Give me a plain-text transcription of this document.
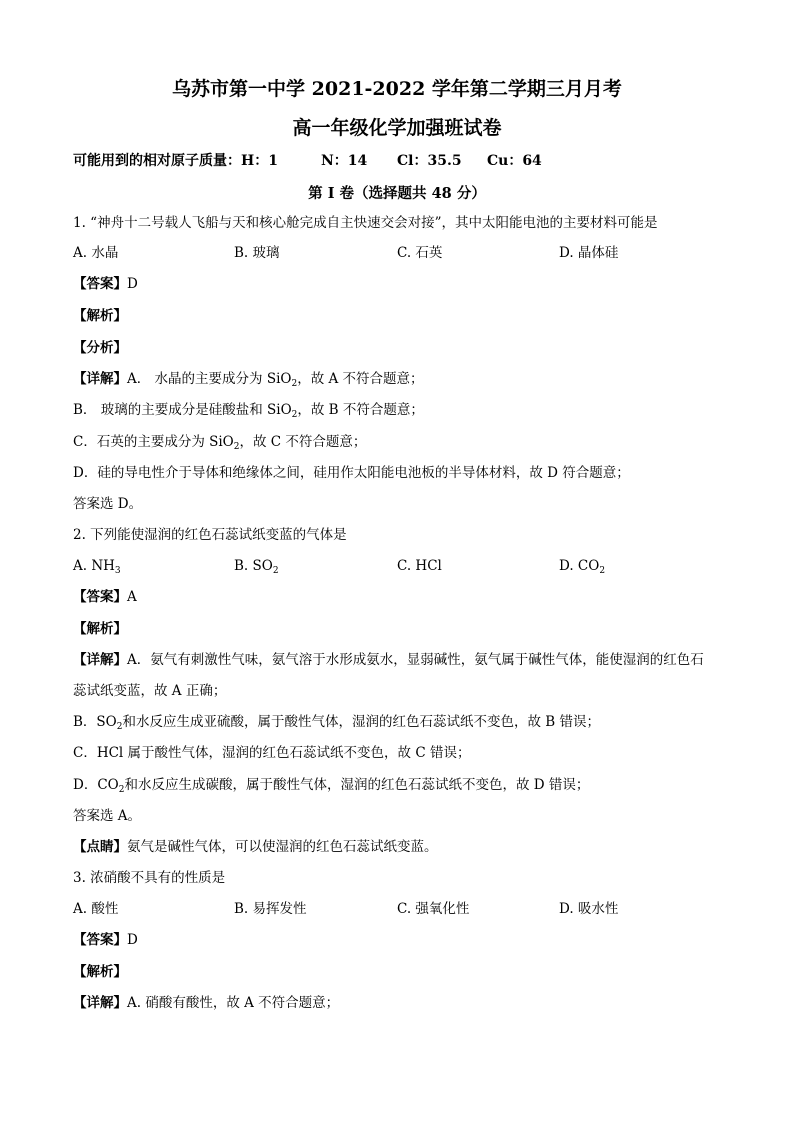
乌苏市第一中学 2021-2022 学年第二学期三月月考
高一年级化学加强班试卷
可能用到的相对原子质量：H：1	N：14 Cl：35.5 Cu：64
第 I 卷（选择题共 48 分）
1. “神舟十二号载人飞船与天和核心舱完成自主快速交会对接”，其中太阳能电池的主要材料可能是
A. 水晶	B. 玻璃	C. 石英	D. 晶体硅
【答案】D
【解析】
【分析】
【详解】A． 水晶的主要成分为 SiO$_2$，故 A 不符合题意；
B． 玻璃的主要成分是硅酸盐和 SiO$_2$，故 B 不符合题意；
C．石英的主要成分为 SiO$_2$，故 C 不符合题意；
D．硅的导电性介于导体和绝缘体之间，硅用作太阳能电池板的半导体材料，故 D 符合题意；
答案选 D。
2. 下列能使湿润的红色石蕊试纸变蓝的气体是
A. $NH_3$	B. $SO_2$	C. HCl	D. $CO_2$
【答案】A
【解析】
【详解】A．氨气有刺激性气味，氨气溶于水形成氨水，显弱碱性，氨气属于碱性气体，能使湿润的红色石
蕊试纸变蓝，故 A 正确；
B．$SO_2$和水反应生成亚硫酸，属于酸性气体，湿润的红色石蕊试纸不变色，故 B 错误；
C．HCl 属于酸性气体，湿润的红色石蕊试纸不变色，故 C 错误；
D．$CO_2$和水反应生成碳酸，属于酸性气体，湿润的红色石蕊试纸不变色，故 D 错误；
答案选 A。
【点睛】氨气是碱性气体，可以使湿润的红色石蕊试纸变蓝。
3. 浓硝酸不具有的性质是
A. 酸性	B. 易挥发性	C. 强氧化性	D. 吸水性
【答案】D
【解析】
【详解】A. 硝酸有酸性，故 A 不符合题意；
